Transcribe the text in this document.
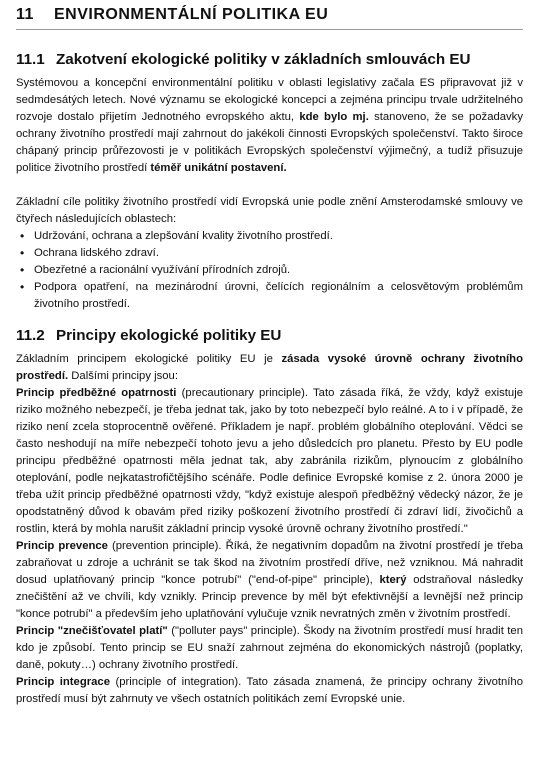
11 ENVIRONMENTÁLNÍ POLITIKA EU
11.1 Zakotvení ekologické politiky v základních smlouvách EU

Systémovou a koncepční environmentální politiku v oblasti legislativy začala ES připravovat již v sedmdesátých letech. Nové významu se ekologické koncepci a zejména principu trvale udržitelného rozvoje dostalo přijetím Jednotného evropského aktu, kde bylo mj. stanoveno, že se požadavky ochrany životního prostředí mají zahrnout do jakékoli činnosti Evropských společenství. Takto široce chápaný princip průřezovosti je v politikách Evropských společenství výjimečný, a tudíž přisuzuje politice životního prostředí téměř unikátní postavení.

Základní cíle politiky životního prostředí vidí Evropská unie podle znění Amsterodamské smlouvy ve čtyřech následujících oblastech:

• Udržování, ochrana a zlepšování kvality životního prostředí.
• Ochrana lidského zdraví.
• Obezřetné a racionální využívání přírodních zdrojů.
• Podpora opatření, na mezinárodní úrovni, čelících regionálním a celosvětovým problémům životního prostředí.
11.2 Principy ekologické politiky EU

Základním principem ekologické politiky EU je zásada vysoké úrovně ochrany životního prostředí. Dalšími principy jsou:

Princip předběžné opatrnosti (precautionary principle). Tato zásada říká, že vždy, když existuje riziko možného nebezpečí, je třeba jednat tak, jako by toto nebezpečí bylo reálné. A to i v případě, že riziko není zcela stoprocentně ověřené. Příkladem je např. problém globálního oteplování. Vědci se často neshodují na míře nebezpečí tohoto jevu a jeho důsledcích pro planetu. Přesto by EU podle principu předběžné opatrnosti měla jednat tak, aby zabránila rizikům, plynoucím z globálního oteplování, podle nejkatastrofičtějšího scénáře. Podle definice Evropské komise z 2. února 2000 je třeba užít princip předběžné opatrnosti vždy, "když existuje alespoň předběžný vědecký názor, že je opodstatněný důvod k obavám před riziky poškození životního prostředí či zdraví lidí, živočichů a rostlin, která by mohla narušit základní princip vysoké úrovně ochrany životního prostředí."

Princip prevence (prevention principle). Říká, že negativním dopadům na životní prostředí je třeba zabraňovat u zdroje a uchránit se tak škod na životním prostředí dříve, než vzniknou. Má nahradit dosud uplatňovaný princip "konce potrubí" ("end-of-pipe" principle), který odstraňoval následky znečištění až ve chvíli, kdy vznikly. Princip prevence by měl být efektivnější a levnější než princip "konce potrubí" a především jeho uplatňování vylučuje vznik nevratných změn v životním prostředí.

Princip "znečišťovatel platí" ("polluter pays" principle). Škody na životním prostředí musí hradit ten kdo je způsobí. Tento princip se EU snaží zahrnout zejména do ekonomických nástrojů (poplatky, daně, pokuty…) ochrany životního prostředí.

Princip integrace (principle of integration). Tato zásada znamená, že principy ochrany životního prostředí musí být zahrnuty ve všech ostatních politikách zemí Evropské unie.
